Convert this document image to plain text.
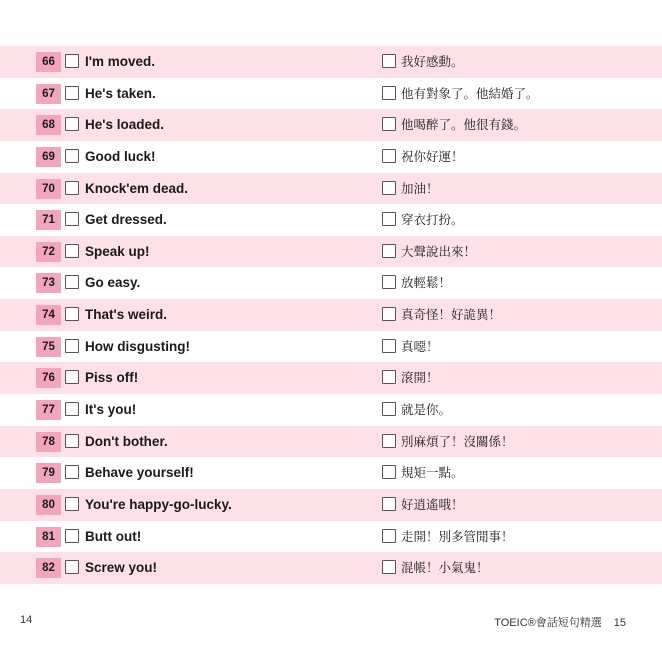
66	I'm moved.	我好感動。
67	He's taken.	他有對象了。他結婚了。
68	He's loaded.	他喝醉了。他很有錢。
69	Good luck!	祝你好運！
70	Knock'em dead.	加油！
71	Get dressed.	穿衣打扮。
72	Speak up!	大聲說出來！
73	Go easy.	放輕鬆！
74	That's weird.	真奇怪！好詭異！
75	How disgusting!	真噁！
76	Piss off!	滾開！
77	It's you!	就是你。
78	Don't bother.	別麻煩了！沒關係！
79	Behave yourself!	規矩一點。
80	You're happy-go-lucky.	好逍遙哦！
81	Butt out!	走開！別多管閒事！
82	Screw you!	混帳！小氣鬼！
14	TOEIC®會話短句精選 15
